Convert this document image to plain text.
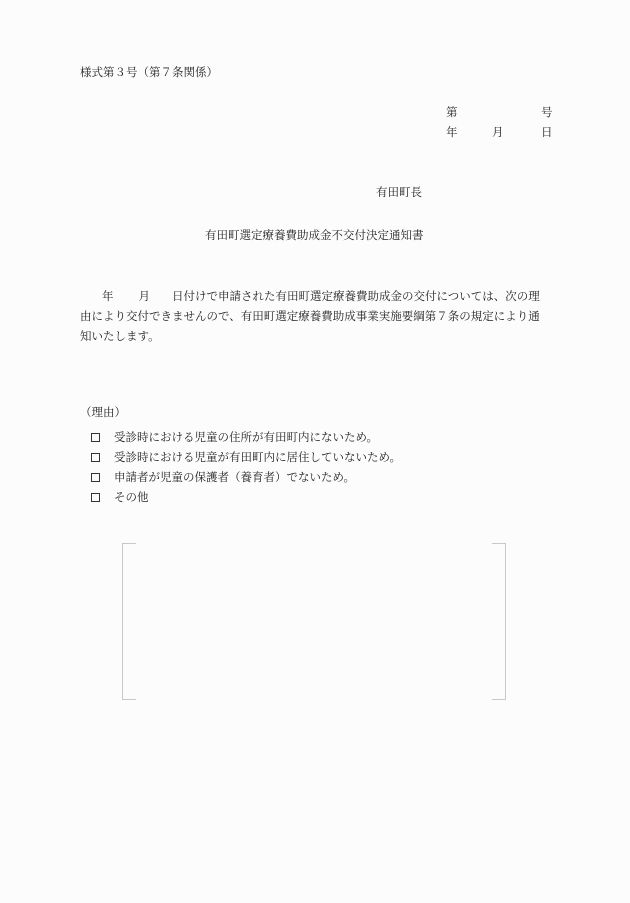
様式第３号（第７条関係）
第	号
年	月	日
有田町長
有田町選定療養費助成金不交付決定通知書
年 月 日付けで申請された有田町選定療養費助成金の交付については、次の理
由により交付できませんので、有田町選定療養費助成事業実施要綱第７条の規定により通
知いたします。
（理由）
受診時における児童の住所が有田町内にないため。
受診時における児童が有田町内に居住していないため。
申請者が児童の保護者（養育者）でないため。
その他
